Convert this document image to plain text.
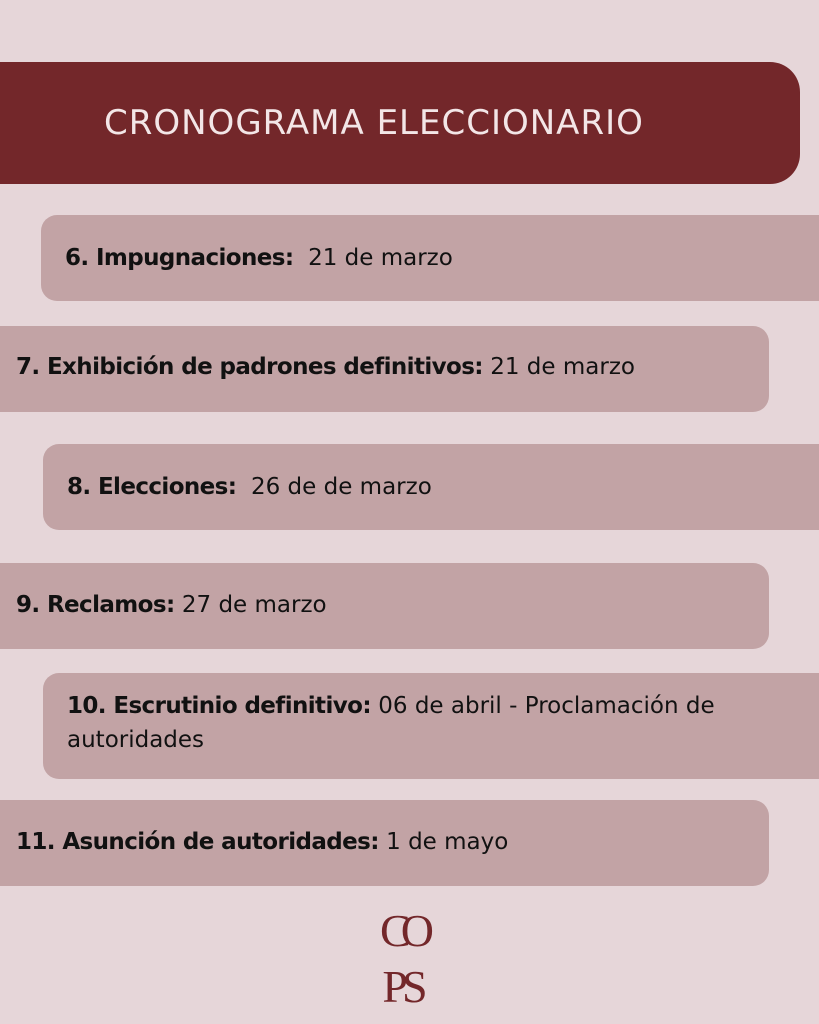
CRONOGRAMA ELECCIONARIO
6. Impugnaciones: 21 de marzo
7. Exhibición de padrones definitivos: 21 de marzo
8. Elecciones: 26 de de marzo
9. Reclamos: 27 de marzo
10. Escrutinio definitivo: 06 de abril - Proclamación de
autoridades
11. Asunción de autoridades: 1 de mayo
CO
PS
